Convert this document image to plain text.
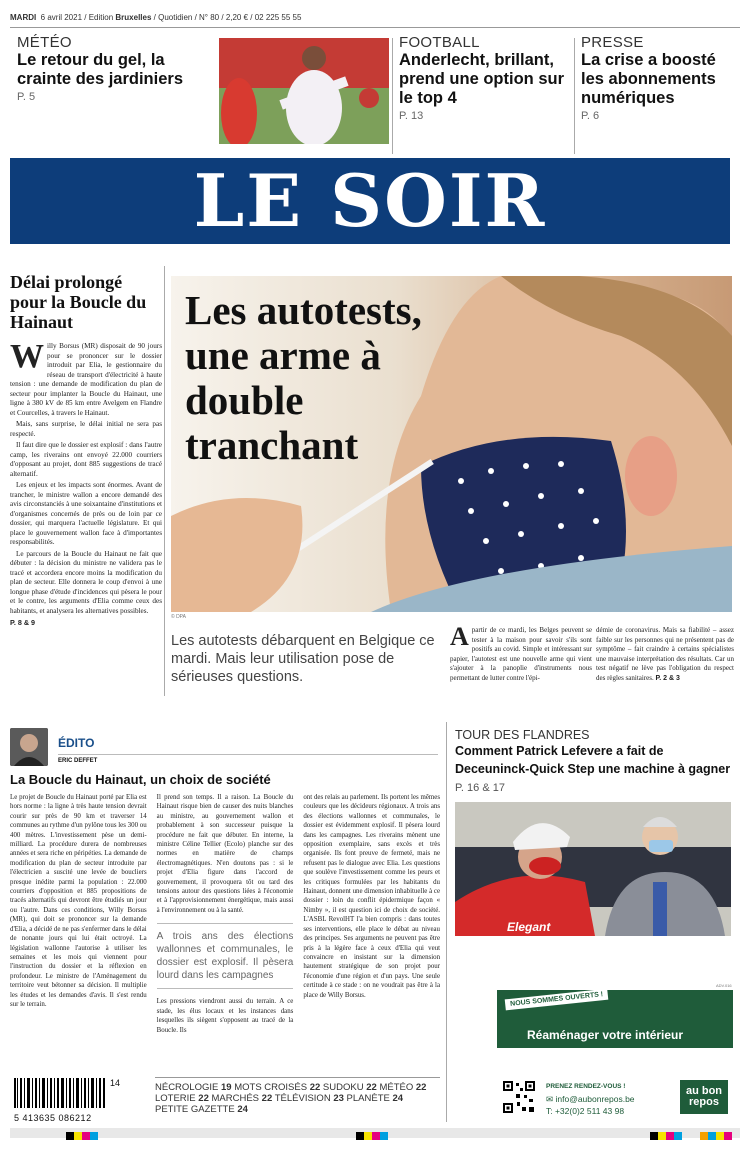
MARDI 6 avril 2021 / Edition Bruxelles / Quotidien / N° 80 / 2,20 € / 02 225 55 55
MÉTÉO
Le retour du gel, la crainte des jardiniers
P. 5
FOOTBALL
Anderlecht, brillant, prend une option sur le top 4
P. 13
PRESSE
La crise a boosté les abonnements numériques
P. 6
LE SOIR
Délai prolongé pour la Boucle du Hainaut

Willy Borsus (MR) disposait de 90 jours pour se prononcer sur le dossier introduit par Elia, le gestionnaire du réseau de transport d'électricité à haute tension : une demande de modification du plan de secteur pour implanter la Boucle du Hainaut, une ligne à 380 kV de 85 km entre Avelgem en Flandre et Courcelles, à travers le Hainaut.

Mais, sans surprise, le délai initial ne sera pas respecté.

Il faut dire que le dossier est explosif : dans l'autre camp, les riverains ont envoyé 22.000 courriers d'opposant au projet, dont 885 suggestions de tracé alternatif.

Les enjeux et les impacts sont énormes. Avant de trancher, le ministre wallon a encore demandé des avis circonstanciés à une soixantaine d'institutions et d'organismes concernés de près ou de loin par ce dossier, qui marquera l'actuelle législature. Et qui place le gouvernement wallon face à d'importantes responsabilités.

Le parcours de la Boucle du Hainaut ne fait que débuter : la décision du ministre ne validera pas le tracé et accordera encore moins la modification du plan de secteur. Elle donnera le coup d'envoi à une longue phase d'étude d'incidences qui pèsera le pour et le contre, les arguments d'Elia comme ceux des habitants, et analysera les alternatives possibles.

P. 8 & 9

Les autotests, une arme à double tranchant
© DPA
Les autotests débarquent en Belgique ce mardi. Mais leur utilisation pose de sérieuses questions.
Apartir de ce mardi, les Belges peuvent se tester à la maison pour savoir s'ils sont positifs au covid. Simple et intéressant sur papier, l'autotest est une nouvelle arme qui vient s'ajouter à la panoplie d'instruments nous permettant de lutter contre l'épi-
démie de coronavirus. Mais sa fiabilité – assez faible sur les personnes qui ne présentent pas de symptôme – fait craindre à certains spécialistes une mauvaise interprétation des résultats. Car un test négatif ne lève pas l'obligation du respect des règles sanitaires. P. 2 & 3
ÉDITO
ERIC DEFFET
La Boucle du Hainaut, un choix de société
Le projet de Boucle du Hainaut porté par Elia est hors norme : la ligne à très haute tension devrait courir sur près de 90 km et traverser 14 communes au rythme d'un pylône tous les 300 ou 400 mètres. L'investissement pèse un demi-milliard. La procédure durera de nombreuses années et sera riche en péripéties. La demande de modification du plan de secteur introduite par l'électricien a suscité une levée de boucliers presque inédite parmi la population : 22.000 courriers d'opposition et 885 propositions de tracés alternatifs qui devront être étudiés un jour ou l'autre. Dans ces conditions, Willy Borsus (MR), qui doit se prononcer sur la demande d'Elia, a décidé de ne pas s'enfermer dans le délai de nonante jours qui lui était octroyé. La législation wallonne l'autorise à utiliser les semaines et les mois qui viennent pour l'instruction du dossier et la réflexion en profondeur. Le ministre de l'Aménagement du territoire veut bétonner sa décision. Il multiplie les études et les demandes d'avis. Il s'est rendu sur le terrain.
Il prend son temps. Il a raison. La Boucle du Hainaut risque bien de causer des nuits blanches au ministre, au gouvernement wallon et probablement à son successeur puisque la procédure ne fait que débuter. En interne, la ministre Céline Tellier (Ecolo) planche sur des normes en matière de champs électromagnétiques. N'en doutons pas : si le projet d'Elia figure dans l'accord de gouvernement, il provoquera tôt ou tard des tensions autour des questions liées à l'économie et à l'approvisionnement énergétique, mais aussi à l'environnement ou à la santé.
A trois ans des élections wallonnes et communales, le dossier est explosif. Il pèsera lourd dans les campagnes
Les pressions viendront aussi du terrain. A ce stade, les élus locaux et les instances dans lesquelles ils siègent s'opposent au tracé de la Boucle. Ils
ont des relais au parlement. Ils portent les mêmes couleurs que les décideurs régionaux. A trois ans des élections wallonnes et communales, le dossier est évidemment explosif. Il pèsera lourd dans les campagnes. Les riverains mènent une opposition exemplaire, sans excès et très organisée. Ils font preuve de fermeté, mais ne refusent pas le dialogue avec Elia. Les questions que soulève l'investissement comme les peurs et les critiques formulées par les habitants du Hainaut, donnent une dimension inhabituelle à ce dossier : loin du conflit épidermique façon « Nimby », il est question ici de choix de société. L'ASBL RevolHT l'a bien compris : dans toutes ses interventions, elle place le débat au niveau des principes. Ses arguments ne peuvent pas être pris à la légère face à ceux d'Elia qui veut convaincre en insistant sur la dimension hautement stratégique de son projet pour l'économie d'une région et d'un pays. Une seule certitude à ce stade : on ne voudrait pas être à la place de Willy Borsus.
14
5 413635 086212
NÉCROLOGIE 19 MOTS CROISÉS 22 SUDOKU 22 MÉTÉO 22
LOTERIE 22 MARCHÉS 22 TÉLÉVISION 23 PLANÈTE 24
PETITE GAZETTE 24
TOUR DES FLANDRES
Comment Patrick Lefevere a fait de Deceuninck-Quick Step une machine à gagner P. 16 & 17
Elegant
ADV.016
NOUS SOMMES OUVERTS !
Réaménager votre intérieur
PRENEZ RENDEZ-VOUS !
✉ info@aubonrepos.be
T: +32(0)2 511 43 98
au bon repos
